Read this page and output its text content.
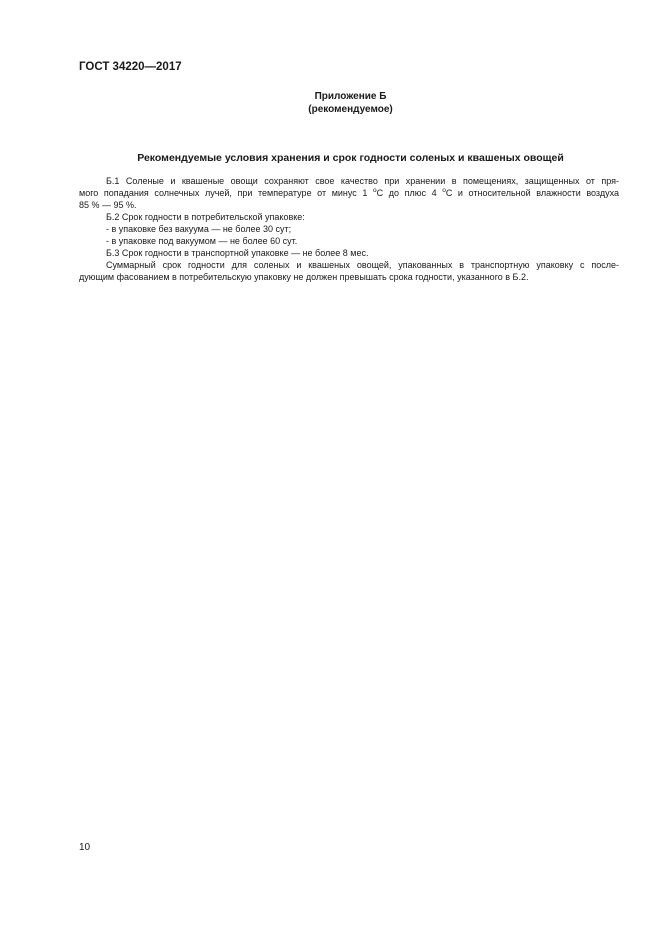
ГОСТ 34220—2017
Приложение Б
(рекомендуемое)
Рекомендуемые условия хранения и срок годности соленых и квашеных овощей
Б.1 Соленые и квашеные овощи сохраняют свое качество при хранении в помещениях, защищенных от пря-
мого попадания солнечных лучей, при температуре от минус 1 $^о$С до плюс 4 $^о$С и относительной влажности воздуха
85 % — 95 %.
Б.2 Срок годности в потребительской упаковке:
- в упаковке без вакуума — не более 30 сут;
- в упаковке под вакуумом — не более 60 сут.
Б.3 Срок годности в транспортной упаковке — не более 8 мес.
Суммарный срок годности для соленых и квашеных овощей, упакованных в транспортную упаковку с после-
дующим фасованием в потребительскую упаковку не должен превышать срока годности, указанного в Б.2.
10
